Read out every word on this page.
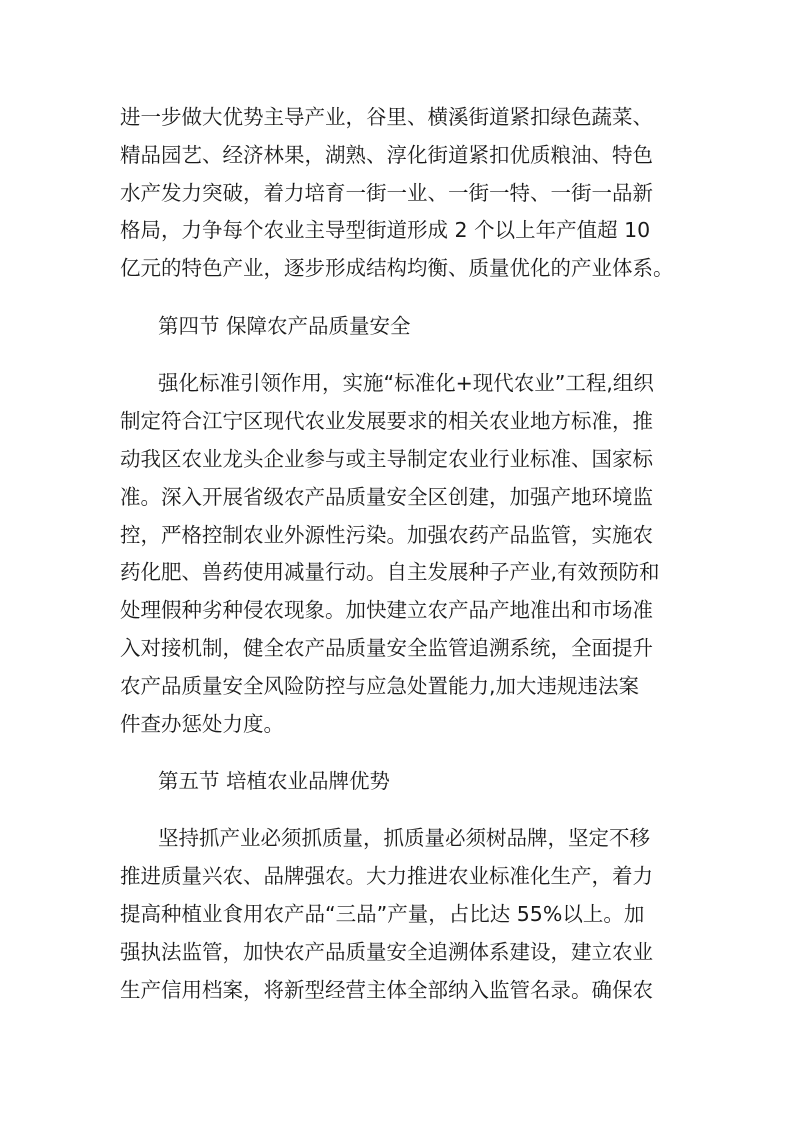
进一步做大优势主导产业，谷里、横溪街道紧扣绿色蔬菜、
精品园艺、经济林果，湖熟、淳化街道紧扣优质粮油、特色
水产发力突破，着力培育一街一业、一街一特、一街一品新
格局，力争每个农业主导型街道形成 2 个以上年产值超 10
亿元的特色产业，逐步形成结构均衡、质量优化的产业体系。
第四节 保障农产品质量安全
强化标准引领作用，实施“标准化+现代农业”工程,组织
制定符合江宁区现代农业发展要求的相关农业地方标准，推
动我区农业龙头企业参与或主导制定农业行业标准、国家标
准。深入开展省级农产品质量安全区创建，加强产地环境监
控，严格控制农业外源性污染。加强农药产品监管，实施农
药化肥、兽药使用减量行动。自主发展种子产业,有效预防和
处理假种劣种侵农现象。加快建立农产品产地准出和市场准
入对接机制，健全农产品质量安全监管追溯系统，全面提升
农产品质量安全风险防控与应急处置能力,加大违规违法案
件查办惩处力度。
第五节 培植农业品牌优势
坚持抓产业必须抓质量，抓质量必须树品牌，坚定不移
推进质量兴农、品牌强农。大力推进农业标准化生产，着力
提高种植业食用农产品“三品”产量，占比达 55%以上。加
强执法监管，加快农产品质量安全追溯体系建设，建立农业
生产信用档案，将新型经营主体全部纳入监管名录。确保农
